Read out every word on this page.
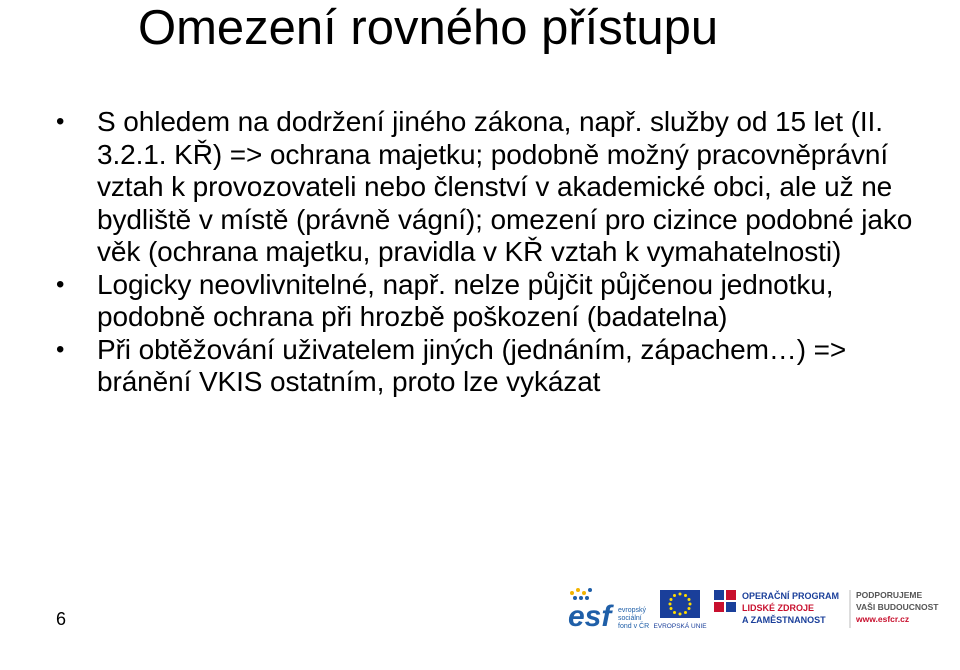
Omezení rovného přístupu
• S ohledem na dodržení jiného zákona, např. služby od 15 let (II. 3.2.1. KŘ) => ochrana majetku; podobně možný pracovněprávní vztah k provozovateli nebo členství v akademické obci, ale už ne bydliště v místě (právně vágní); omezení pro cizince podobné jako věk (ochrana majetku, pravidla v KŘ vztah k vymahatelnosti)
• Logicky neovlivnitelné, např. nelze půjčit půjčenou jednotku, podobně ochrana při hrozbě poškození (badatelna)
• Při obtěžování uživatelem jiných (jednáním, zápachem…) => bránění VKIS ostatním, proto lze vykázat
6	esf evropský
sociální
fond v ČR EVROPSKÁ UNIE
OPERAČNÍ PROGRAM
LIDSKÉ ZDROJE
A ZAMĚSTNANOST
PODPORUJEME
VAŠI BUDOUCNOST
www.esfcr.cz
